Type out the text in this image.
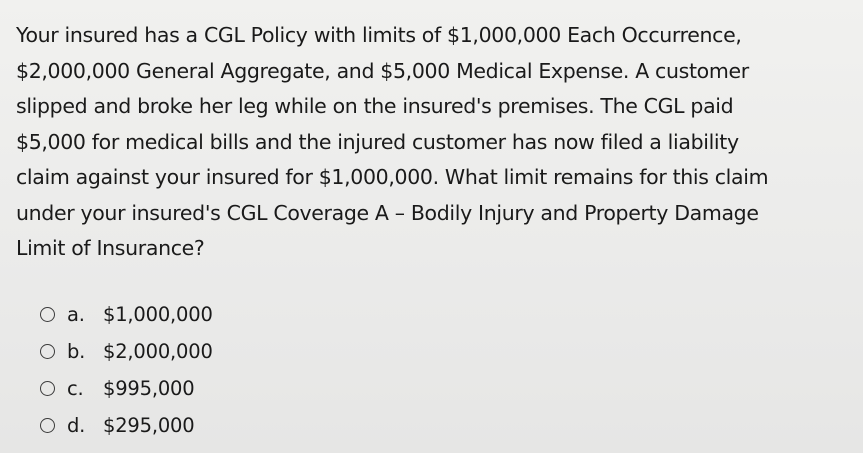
Your insured has a CGL Policy with limits of $1,000,000 Each Occurrence,
$2,000,000 General Aggregate, and $5,000 Medical Expense. A customer
slipped and broke her leg while on the insured's premises. The CGL paid
$5,000 for medical bills and the injured customer has now filed a liability
claim against your insured for $1,000,000. What limit remains for this claim
under your insured's CGL Coverage A – Bodily Injury and Property Damage
Limit of Insurance?
a. $1,000,000
b. $2,000,000
c. $995,000
d. $295,000
